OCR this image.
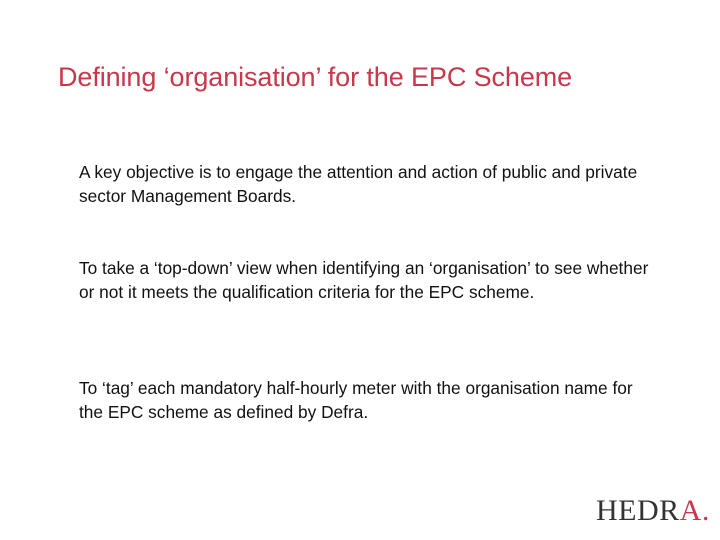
Defining ‘organisation’ for the EPC Scheme
A key objective is to engage the attention and action of public and private sector Management Boards.
To take a ‘top-down’ view when identifying an ‘organisation’ to see whether or not it meets the qualification criteria for the EPC scheme.
To ‘tag’ each mandatory half-hourly meter with the organisation name for the EPC scheme as defined by Defra.
HEDRA.
